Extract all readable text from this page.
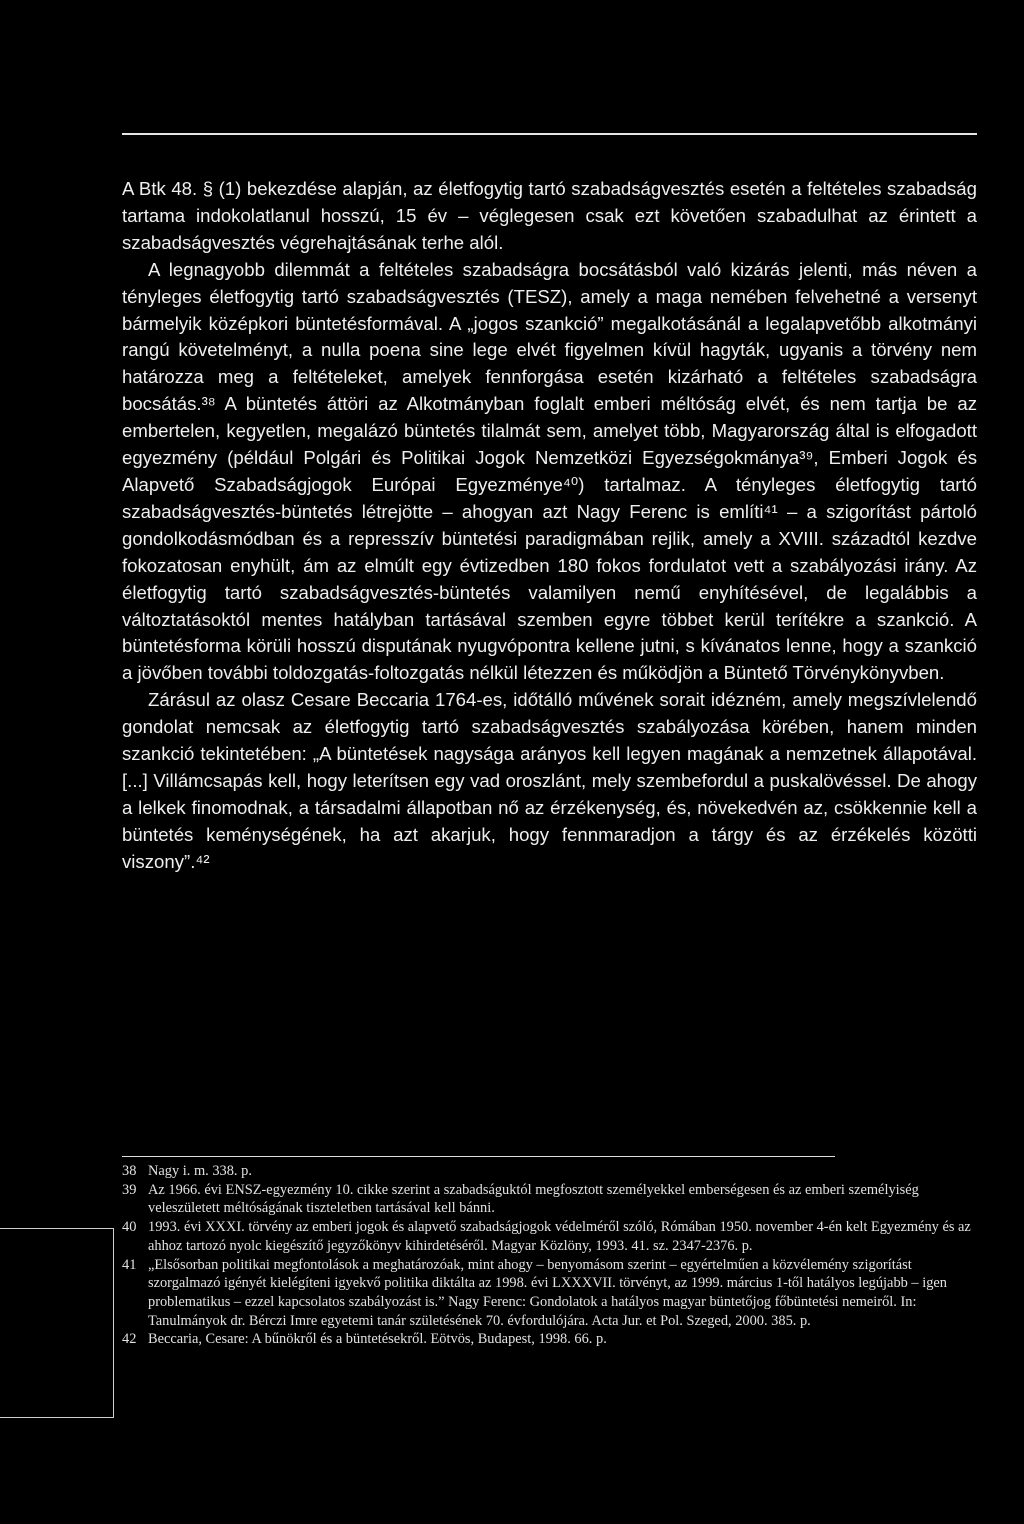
A Btk 48. § (1) bekezdése alapján, az életfogytig tartó szabadságvesztés esetén a feltételes szabadság tartama indokolatlanul hosszú, 15 év – véglegesen csak ezt követően szabadulhat az érintett a szabadságvesztés végrehajtásának terhe alól.

A legnagyobb dilemmát a feltételes szabadságra bocsátásból való kizárás jelenti, más néven a tényleges életfogytig tartó szabadságvesztés (TESZ), amely a maga nemében felvehetné a versenyt bármelyik középkori büntetésformával. A „jogos szankció” megalkotásánál a legalapvetőbb alkotmányi rangú követelményt, a nulla poena sine lege elvét figyelmen kívül hagyták, ugyanis a törvény nem határozza meg a feltételeket, amelyek fennforgása esetén kizárható a feltételes szabadságra bocsátás.³⁸ A büntetés áttöri az Alkotmányban foglalt emberi méltóság elvét, és nem tartja be az embertelen, kegyetlen, megalázó büntetés tilalmát sem, amelyet több, Magyarország által is elfogadott egyezmény (például Polgári és Politikai Jogok Nemzetközi Egyezségokmánya³⁹, Emberi Jogok és Alapvető Szabadságjogok Európai Egyezménye⁴⁰) tartalmaz. A tényleges életfogytig tartó szabadságvesztés-büntetés létrejötte – ahogyan azt Nagy Ferenc is említi⁴¹ – a szigorítást pártoló gondolkodásmódban és a represszív büntetési paradigmában rejlik, amely a XVIII. századtól kezdve fokozatosan enyhült, ám az elmúlt egy évtizedben 180 fokos fordulatot vett a szabályozási irány. Az életfogytig tartó szabadságvesztés-büntetés valamilyen nemű enyhítésével, de legalábbis a változtatásoktól mentes hatályban tartásával szemben egyre többet kerül terítékre a szankció. A büntetésforma körüli hosszú disputának nyugvópontra kellene jutni, s kívánatos lenne, hogy a szankció a jövőben további toldozgatás-foltozgatás nélkül létezzen és működjön a Büntető Törvénykönyvben.

Zárásul az olasz Cesare Beccaria 1764-es, időtálló művének sorait idézném, amely megszívlelendő gondolat nemcsak az életfogytig tartó szabadságvesztés szabályozása körében, hanem minden szankció tekintetében: „A büntetések nagysága arányos kell legyen magának a nemzetnek állapotával. [...] Villámcsapás kell, hogy leterítsen egy vad oroszlánt, mely szembefordul a puskalövéssel. De ahogy a lelkek finomodnak, a társadalmi állapotban nő az érzékenység, és, növekedvén az, csökkennie kell a büntetés keménységének, ha azt akarjuk, hogy fennmaradjon a tárgy és az érzékelés közötti viszony”.⁴²

38 Nagy i. m. 338. p.
39 Az 1966. évi ENSZ-egyezmény 10. cikke szerint a szabadságuktól megfosztott személyekkel emberségesen és az emberi személyiség veleszületett méltóságának tiszteletben tartásával kell bánni.
40 1993. évi XXXI. törvény az emberi jogok és alapvető szabadságjogok védelméről szóló, Rómában 1950. november 4-én kelt Egyezmény és az ahhoz tartozó nyolc kiegészítő jegyzőkönyv kihirdetéséről. Magyar Közlöny, 1993. 41. sz. 2347-2376. p.
41 „Elsősorban politikai megfontolások a meghatározóak, mint ahogy – benyomásom szerint – egyértelműen a közvélemény szigorítást szorgalmazó igényét kielégíteni igyekvő politika diktálta az 1998. évi LXXXVII. törvényt, az 1999. március 1-től hatályos legújabb – igen problematikus – ezzel kapcsolatos szabályozást is.” Nagy Ferenc: Gondolatok a hatályos magyar büntetőjog főbüntetési nemeiről. In: Tanulmányok dr. Bérczi Imre egyetemi tanár születésének 70. évfordulójára. Acta Jur. et Pol. Szeged, 2000. 385. p.
42 Beccaria, Cesare: A bűnökről és a büntetésekről. Eötvös, Budapest, 1998. 66. p.
